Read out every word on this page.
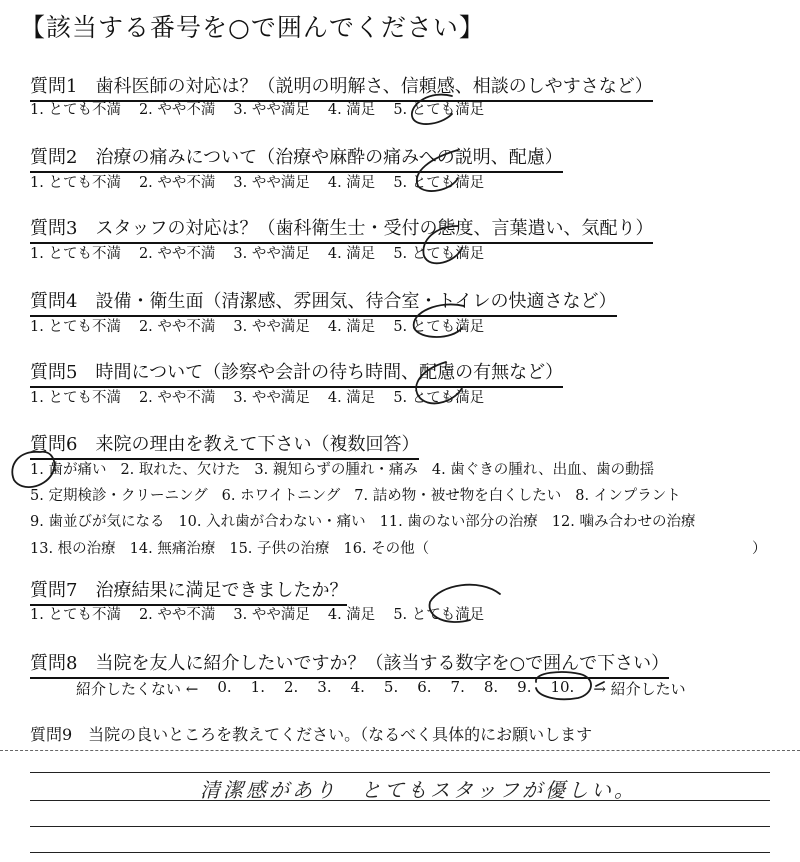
【該当する番号を○で囲んでください】
質問1　歯科医師の対応は？（説明の明解さ、信頼感、相談のしやすさなど）
1. とても不満 2. やや不満 3. やや満足 4. 満足 5. とても満足
質問2　治療の痛みについて（治療や麻酔の痛みへの説明、配慮）
1. とても不満 2. やや不満 3. やや満足 4. 満足 5. とても満足
質問3　スタッフの対応は？（歯科衛生士・受付の態度、言葉遣い、気配り）
1. とても不満 2. やや不満 3. やや満足 4. 満足 5. とても満足
質問4　設備・衛生面（清潔感、雰囲気、待合室・トイレの快適さなど）
1. とても不満 2. やや不満 3. やや満足 4. 満足 5. とても満足
質問5　時間について（診察や会計の待ち時間、配慮の有無など）
1. とても不満 2. やや不満 3. やや満足 4. 満足 5. とても満足
質問6　来院の理由を教えて下さい（複数回答）
1. 歯が痛い 2. 取れた、欠けた 3. 親知らずの腫れ・痛み 4. 歯ぐきの腫れ、出血、歯の動揺
5. 定期検診・クリーニング 6. ホワイトニング 7. 詰め物・被せ物を白くしたい 8. インプラント
9. 歯並びが気になる 10. 入れ歯が合わない・痛い 11. 歯のない部分の治療 12. 噛み合わせの治療
13. 根の治療 14. 無痛治療 15. 子供の治療 16. その他（	）
質問7　治療結果に満足できましたか？
1. とても不満 2. やや不満 3. やや満足 4. 満足 5. とても満足
質問8　当院を友人に紹介したいですか？（該当する数字を○で囲んで下さい）
紹介したくない ← 0. 1. 2. 3. 4. 5. 6. 7. 8. 9. 10. → 紹介したい
質問9　当院の良いところを教えてください。（なるべく具体的にお願いします
清潔感があり　とてもスタッフが優しい。
